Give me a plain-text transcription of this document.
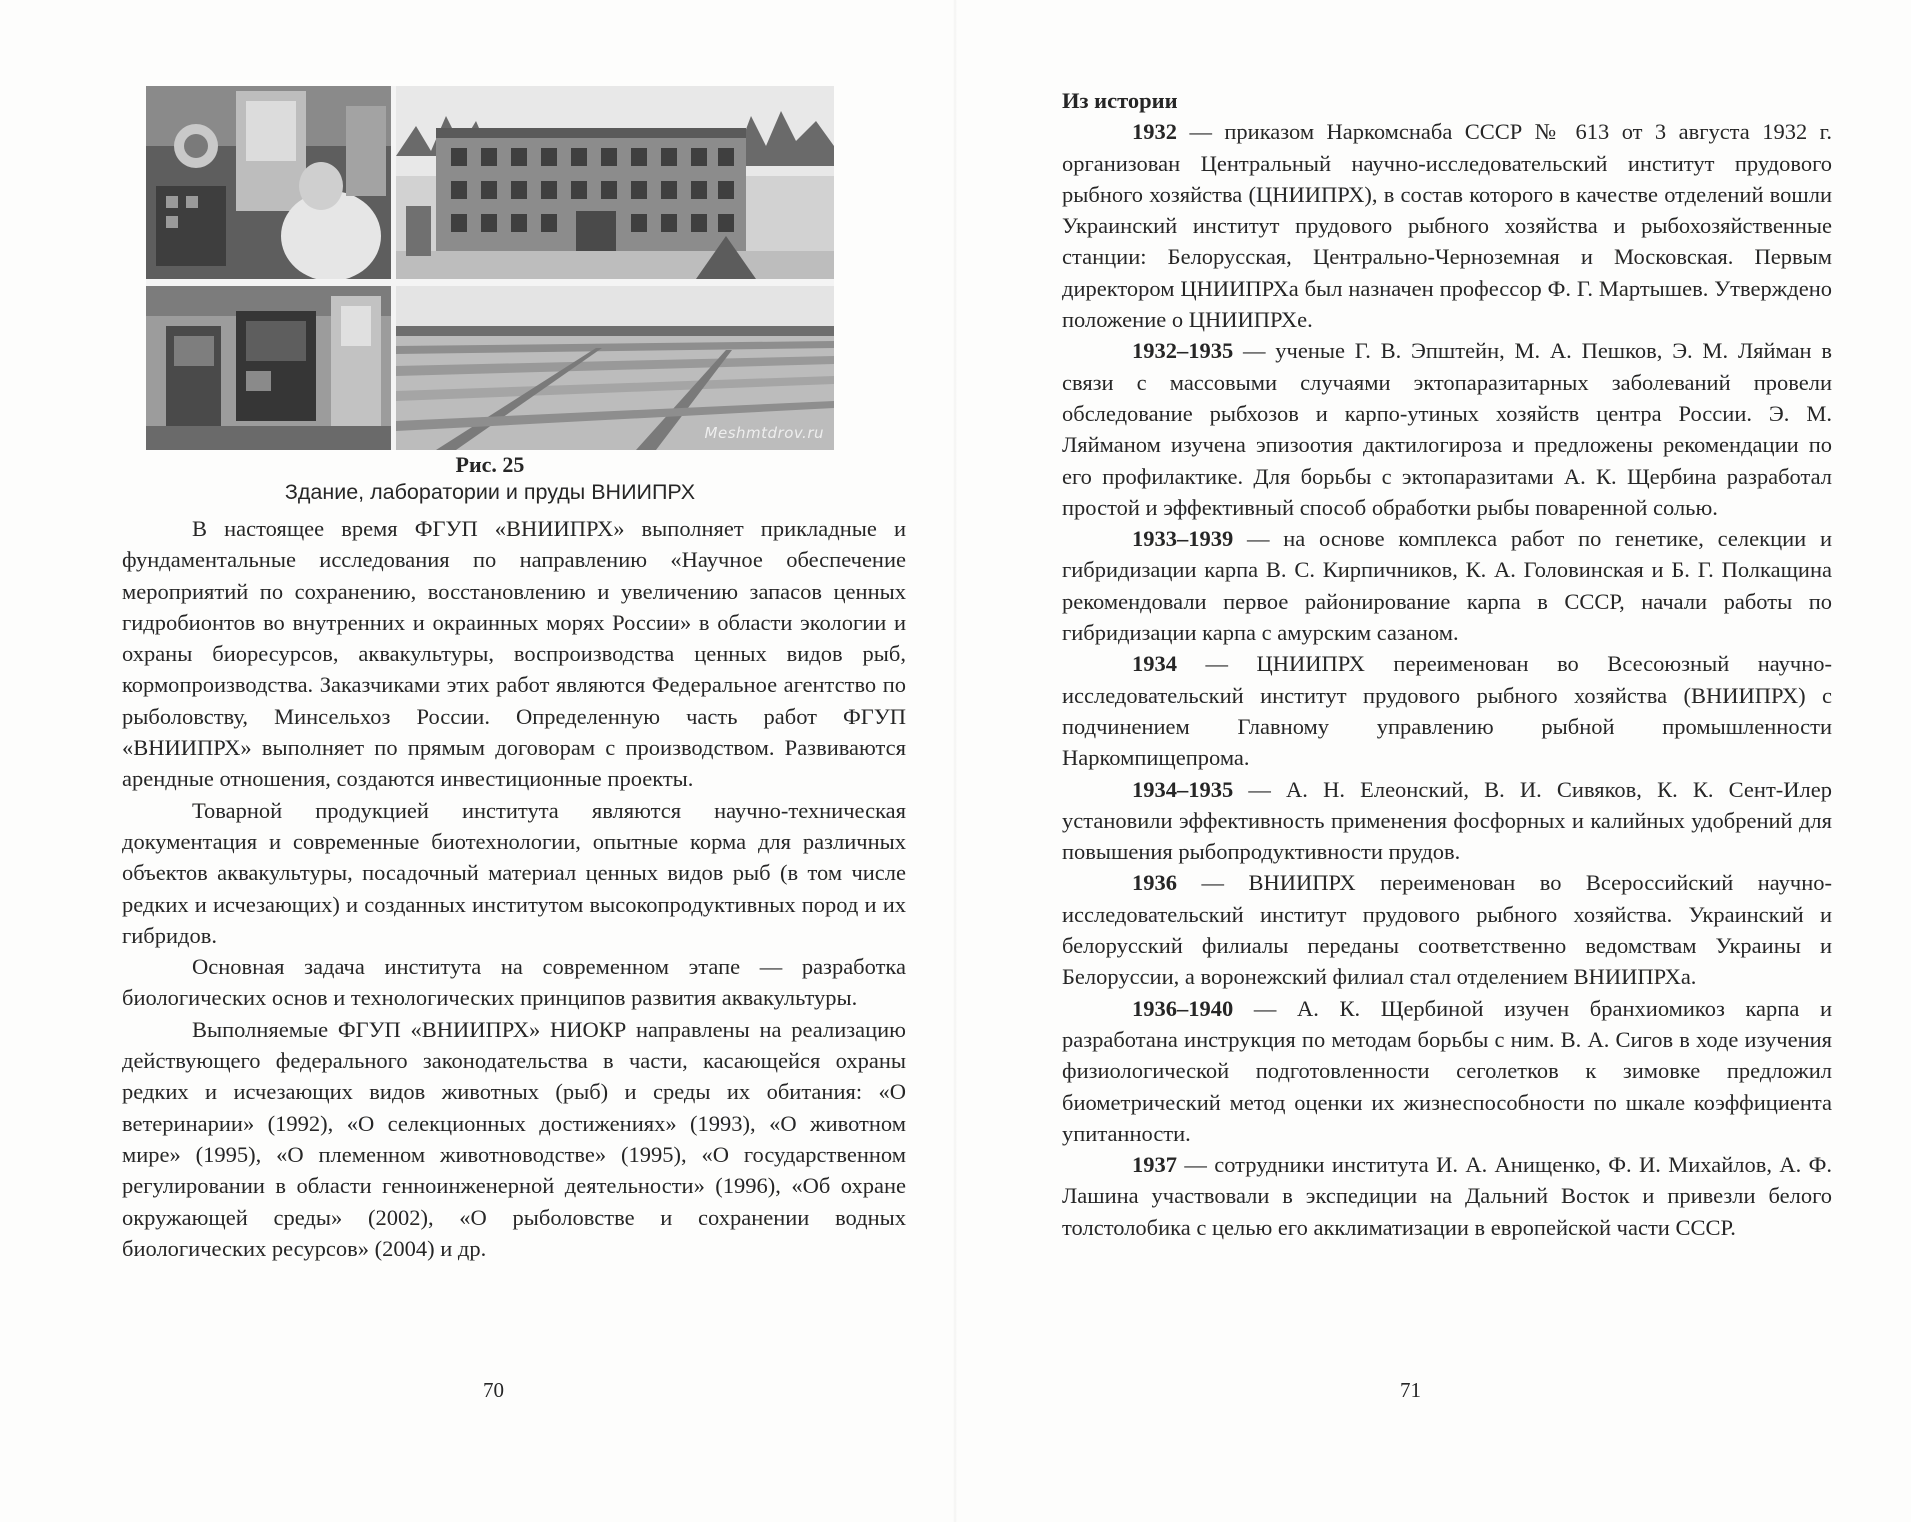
Meshmtdrov.ru
Рис. 25
Здание, лаборатории и пруды ВНИИПРХ

В настоящее время ФГУП «ВНИИПРХ» выполняет прикладные и фундаментальные исследования по направлению «Научное обеспечение мероприятий по сохранению, восстановлению и увеличению запасов ценных гидробионтов во внутренних и окраинных морях России» в области экологии и охраны биоресурсов, аквакультуры, воспроизводства ценных видов рыб, кормопроизводства. Заказчиками этих работ являются Федеральное агентство по рыболовству, Минсельхоз России. Определенную часть работ ФГУП «ВНИИПРХ» выполняет по прямым договорам с производством. Развиваются арендные отношения, создаются инвестиционные проекты.

Товарной продукцией института являются научно-техническая документация и современные биотехнологии, опытные корма для различных объектов аквакультуры, посадочный материал ценных видов рыб (в том числе редких и исчезающих) и созданных институтом высокопродуктивных пород и их гибридов.

Основная задача института на современном этапе — разработка биологических основ и технологических принципов развития аквакультуры.

Выполняемые ФГУП «ВНИИПРХ» НИОКР направлены на реализацию действующего федерального законодательства в части, касающейся охраны редких и исчезающих видов животных (рыб) и среды их обитания: «О ветеринарии» (1992), «О селекционных достижениях» (1993), «О животном мире» (1995), «О племенном животноводстве» (1995), «О государственном регулировании в области генноинженерной деятельности» (1996), «Об охране окружающей среды» (2002), «О рыболовстве и сохранении водных биологических ресурсов» (2004) и др.

70

Из истории

1932 — приказом Наркомснаба СССР № 613 от 3 августа 1932 г. организован Центральный научно-исследовательский институт прудового рыбного хозяйства (ЦНИИПРХ), в состав которого в качестве отделений вошли Украинский институт прудового рыбного хозяйства и рыбохозяйственные станции: Белорусская, Центрально-Черноземная и Московская. Первым директором ЦНИИПРХа был назначен профессор Ф. Г. Мартышев. Утверждено положение о ЦНИИПРХе.

1932–1935 — ученые Г. В. Эпштейн, М. А. Пешков, Э. М. Ляйман в связи с массовыми случаями эктопаразитарных заболеваний провели обследование рыбхозов и карпо-утиных хозяйств центра России. Э. М. Ляйманом изучена эпизоотия дактилогироза и предложены рекомендации по его профилактике. Для борьбы с эктопаразитами А. К. Щербина разработал простой и эффективный способ обработки рыбы поваренной солью.

1933–1939 — на основе комплекса работ по генетике, селекции и гибридизации карпа В. С. Кирпичников, К. А. Головинская и Б. Г. Полкащина рекомендовали первое районирование карпа в СССР, начали работы по гибридизации карпа с амурским сазаном.

1934 — ЦНИИПРХ переименован во Всесоюзный научно-исследовательский институт прудового рыбного хозяйства (ВНИИПРХ) с подчинением Главному управлению рыбной промышленности Наркомпищепрома.

1934–1935 — А. Н. Елеонский, В. И. Сивяков, К. К. Сент-Илер установили эффективность применения фосфорных и калийных удобрений для повышения рыбопродуктивности прудов.

1936 — ВНИИПРХ переименован во Всероссийский научно-исследовательский институт прудового рыбного хозяйства. Украинский и белорусский филиалы переданы соответственно ведомствам Украины и Белоруссии, а воронежский филиал стал отделением ВНИИПРХа.

1936–1940 — А. К. Щербиной изучен бранхиомикоз карпа и разработана инструкция по методам борьбы с ним. В. А. Сигов в ходе изучения физиологической подготовленности сеголетков к зимовке предложил биометрический метод оценки их жизнеспособности по шкале коэффициента упитанности.

1937 — сотрудники института И. А. Анищенко, Ф. И. Михайлов, А. Ф. Лашина участвовали в экспедиции на Дальний Восток и привезли белого толстолобика с целью его акклиматизации в европейской части СССР.

71
